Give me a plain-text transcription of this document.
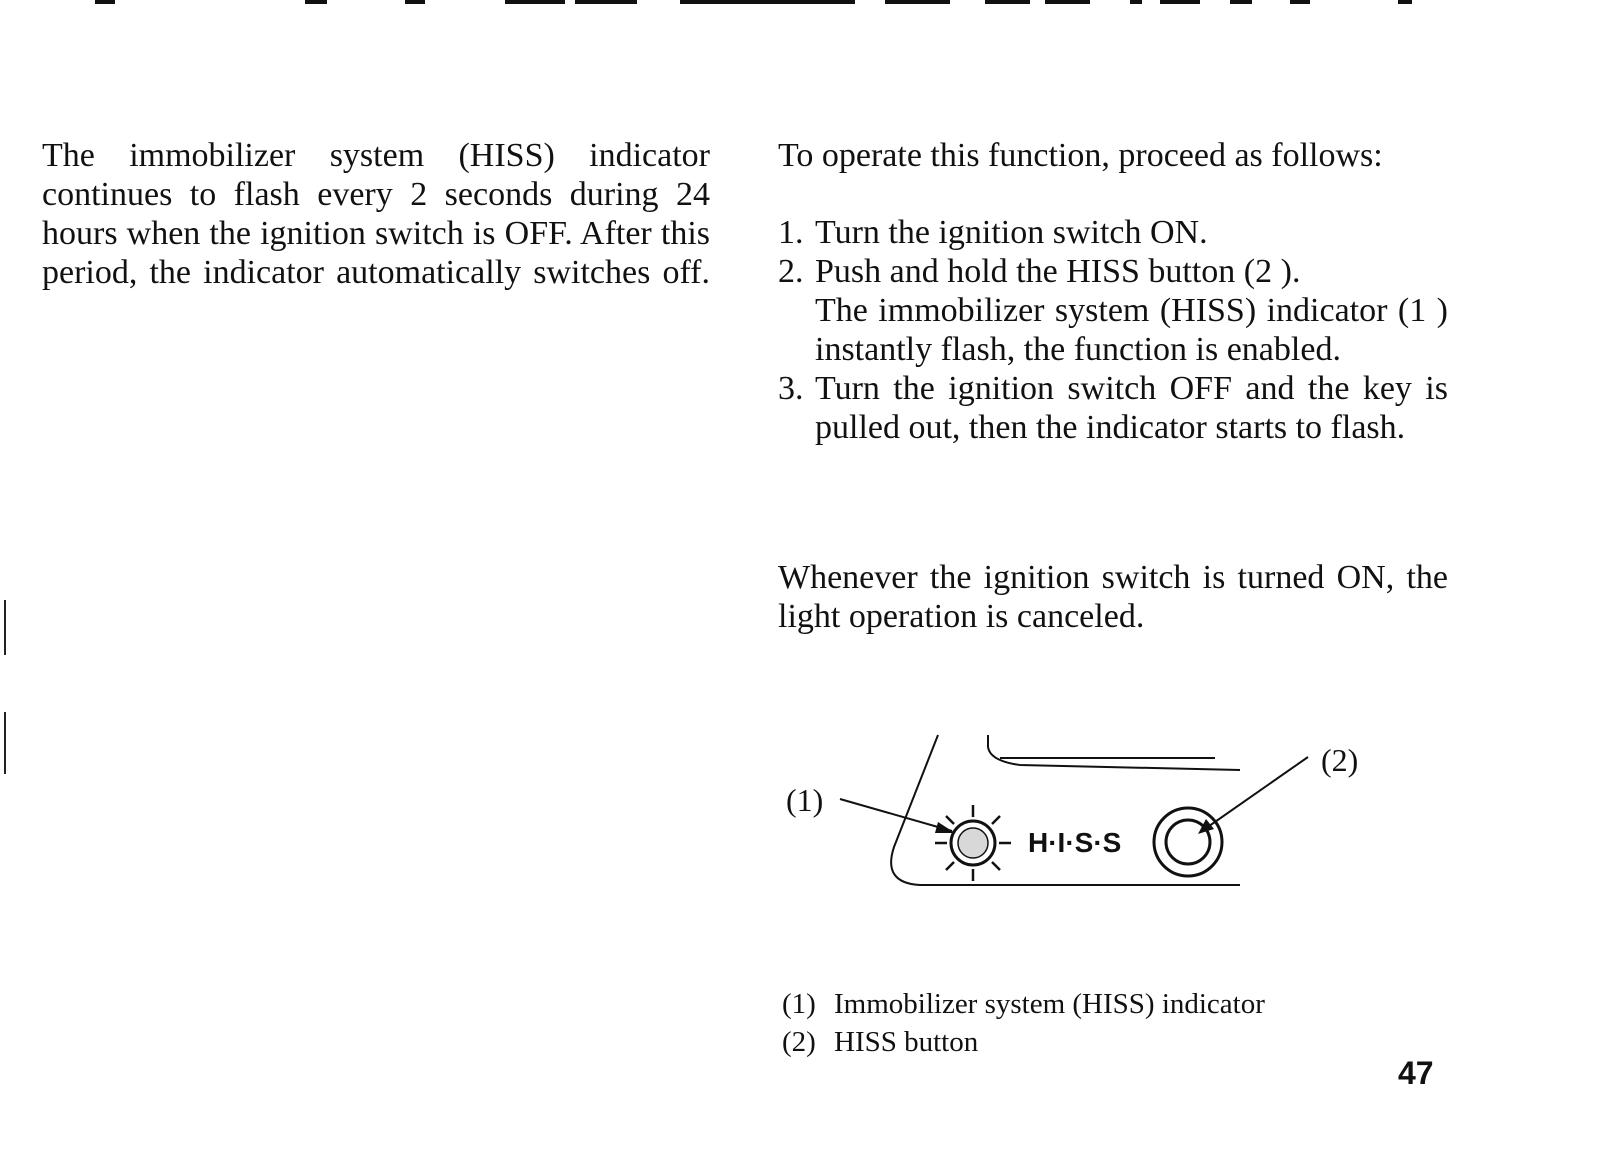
The immobilizer system (HISS) indicator continues to flash every 2 seconds during 24 hours when the ignition switch is OFF. After this period, the indicator automatically switches off.

To operate this function, proceed as follows:

1. Turn the ignition switch ON.
2. Push and hold the HISS button (2 ).
The immobilizer system (HISS) indicator (1 ) instantly flash, the function is enabled.
3. Turn the ignition switch OFF and the key is pulled out, then the indicator starts to flash.

Whenever the ignition switch is turned ON, the light operation is canceled.

H·I·S·S
(1)
(2)
(1) Immobilizer system (HISS) indicator
(2) HISS button
47
